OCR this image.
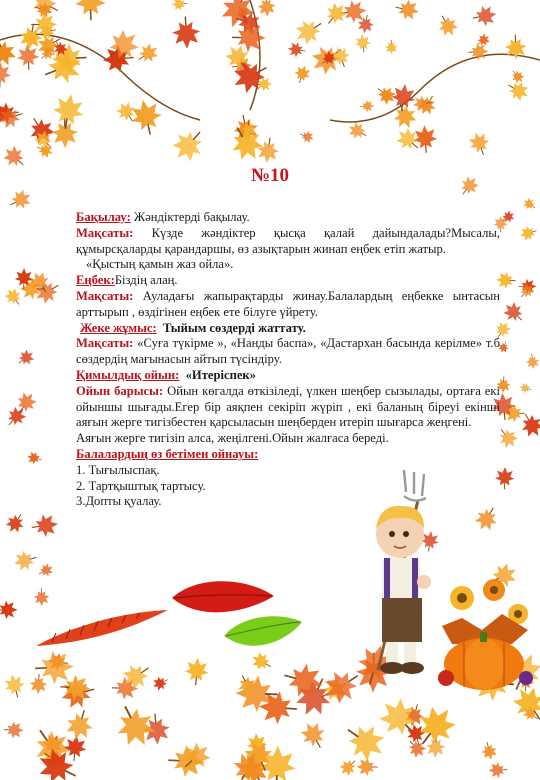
№10

Бақылау: Жәндіктерді бақылау.

Мақсаты: Күзде жәндіктер қысқа қалай дайындалады?Мысалы, құмырсқаларды қарандаршы, өз азықтарын жинап еңбек етіп жатыр.

«Қыстың қамын жаз ойла».

Еңбек:Біздің алаң.

Мақсаты: Ауладағы жапырақтарды жинау.Балалардың еңбекке ынтасын арттырып , өздігінен еңбек ете білуге үйрету.

Жеке жұмыс: Тыйым сөздерді жаттату.

Мақсаты: «Суға түкірме », «Нанды баспа», «Дастархан басында керілме» т.б сөздердің мағынасын айтып түсіндіру.

Қимылдық ойын: «Итеріспек»

Ойын барысы: Ойын көгалда өткізіледі, үлкен шеңбер сызылады, ортаға екі ойыншы шығады.Егер бір аяқпен секіріп жүріп , екі баланың біреуі екінші аяғын жерге тигізбестен қарсыласын шеңберден итеріп шығарса жеңгені.

Аяғын жерге тигізіп алса, жеңілгені.Ойын жалғаса береді.

Балалардың өз бетімен ойнауы:

1. Тығылыспақ.

2. Тартқыштық тартысу.

3.Допты қуалау.
